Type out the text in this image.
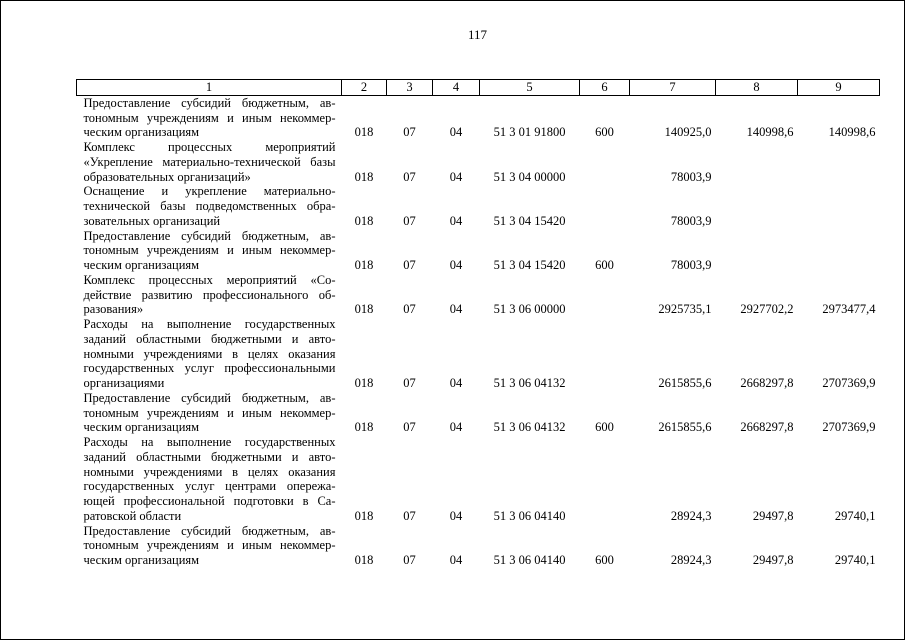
117
1	2	3	4	5	6	7	8	9
Предоставление субсидий бюджетным, автономным учреждениям и иным некоммерческим организациям	018	07	04	51 3 01 91800	600	140925,0	140998,6	140998,6
Комплекс процессных мероприятий «Укрепление материально-технической базы образовательных организаций»	018	07	04	51 3 04 00000		78003,9		
Оснащение и укрепление материально-технической базы подведомственных образовательных организаций	018	07	04	51 3 04 15420		78003,9		
Предоставление субсидий бюджетным, автономным учреждениям и иным некоммерческим организациям	018	07	04	51 3 04 15420	600	78003,9		
Комплекс процессных мероприятий «Содействие развитию профессионального образования»	018	07	04	51 3 06 00000		2925735,1	2927702,2	2973477,4
Расходы на выполнение государственных заданий областными бюджетными и автономными учреждениями в целях оказания государственных услуг профессиональными организациями	018	07	04	51 3 06 04132		2615855,6	2668297,8	2707369,9
Предоставление субсидий бюджетным, автономным учреждениям и иным некоммерческим организациям	018	07	04	51 3 06 04132	600	2615855,6	2668297,8	2707369,9
Расходы на выполнение государственных заданий областными бюджетными и автономными учреждениями в целях оказания государственных услуг центрами опережающей профессиональной подготовки в Саратовской области	018	07	04	51 3 06 04140		28924,3	29497,8	29740,1
Предоставление субсидий бюджетным, автономным учреждениям и иным некоммерческим организациям	018	07	04	51 3 06 04140	600	28924,3	29497,8	29740,1
